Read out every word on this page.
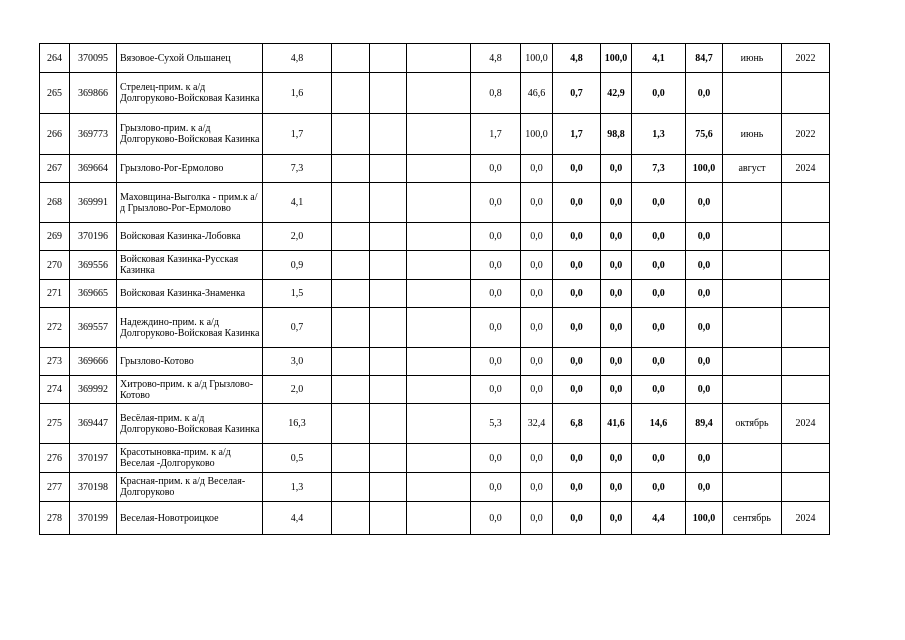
264	370095	Вязовое-Сухой Ольшанец	4,8				4,8	100,0	4,8	100,0	4,1	84,7	июнь	2022
265	369866	Стрелец-прим. к а/д Долгоруково-Войсковая Казинка	1,6				0,8	46,6	0,7	42,9	0,0	0,0		
266	369773	Грызлово-прим. к а/д Долгоруково-Войсковая Казинка	1,7				1,7	100,0	1,7	98,8	1,3	75,6	июнь	2022
267	369664	Грызлово-Рог-Ермолово	7,3				0,0	0,0	0,0	0,0	7,3	100,0	август	2024
268	369991	Маховщина-Выголка - прим.к а/д Грызлово-Рог-Ермолово	4,1				0,0	0,0	0,0	0,0	0,0	0,0		
269	370196	Войсковая Казинка-Лобовка	2,0				0,0	0,0	0,0	0,0	0,0	0,0		
270	369556	Войсковая Казинка-Русская Казинка	0,9				0,0	0,0	0,0	0,0	0,0	0,0		
271	369665	Войсковая Казинка-Знаменка	1,5				0,0	0,0	0,0	0,0	0,0	0,0		
272	369557	Надеждино-прим. к а/д Долгоруково-Войсковая Казинка	0,7				0,0	0,0	0,0	0,0	0,0	0,0		
273	369666	Грызлово-Котово	3,0				0,0	0,0	0,0	0,0	0,0	0,0		
274	369992	Хитрово-прим. к а/д Грызлово-Котово	2,0				0,0	0,0	0,0	0,0	0,0	0,0		
275	369447	Весёлая-прим. к а/д Долгоруково-Войсковая Казинка	16,3				5,3	32,4	6,8	41,6	14,6	89,4	октябрь	2024
276	370197	Красотыновка-прим. к а/д Веселая -Долгоруково	0,5				0,0	0,0	0,0	0,0	0,0	0,0		
277	370198	Красная-прим. к а/д Веселая-Долгоруково	1,3				0,0	0,0	0,0	0,0	0,0	0,0		
278	370199	Веселая-Новотроицкое	4,4				0,0	0,0	0,0	0,0	4,4	100,0	сентябрь	2024
